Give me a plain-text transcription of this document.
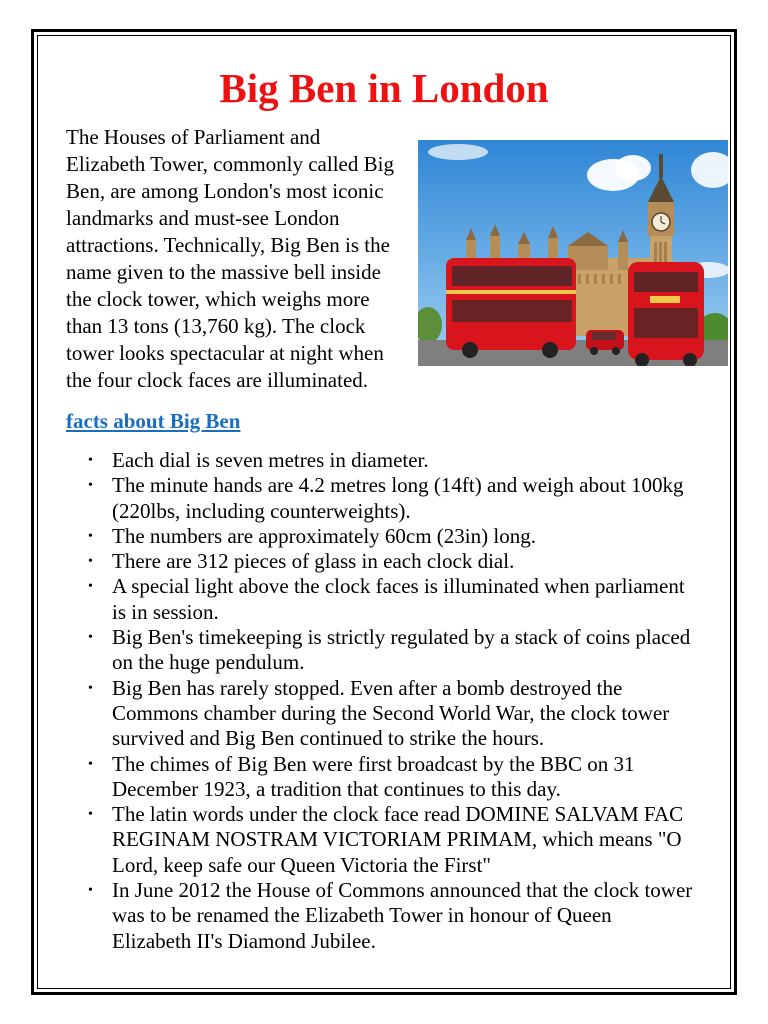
Big Ben in London

The Houses of Parliament and Elizabeth Tower, commonly called Big Ben, are among London's most iconic landmarks and must-see London attractions. Technically, Big Ben is the name given to the massive bell inside the clock tower, which weighs more than 13 tons (13,760 kg). The clock tower looks spectacular at night when the four clock faces are illuminated.

facts about Big Ben
• Each dial is seven metres in diameter.
• The minute hands are 4.2 metres long (14ft) and weigh about 100kg (220lbs, including counterweights).
• The numbers are approximately 60cm (23in) long.
• There are 312 pieces of glass in each clock dial.
• A special light above the clock faces is illuminated when parliament is in session.
• Big Ben's timekeeping is strictly regulated by a stack of coins placed on the huge pendulum.
• Big Ben has rarely stopped. Even after a bomb destroyed the Commons chamber during the Second World War, the clock tower survived and Big Ben continued to strike the hours.
• The chimes of Big Ben were first broadcast by the BBC on 31 December 1923, a tradition that continues to this day.
• The latin words under the clock face read DOMINE SALVAM FAC REGINAM NOSTRAM VICTORIAM PRIMAM, which means "O Lord, keep safe our Queen Victoria the First"
• In June 2012 the House of Commons announced that the clock tower was to be renamed the Elizabeth Tower in honour of Queen Elizabeth II's Diamond Jubilee.
